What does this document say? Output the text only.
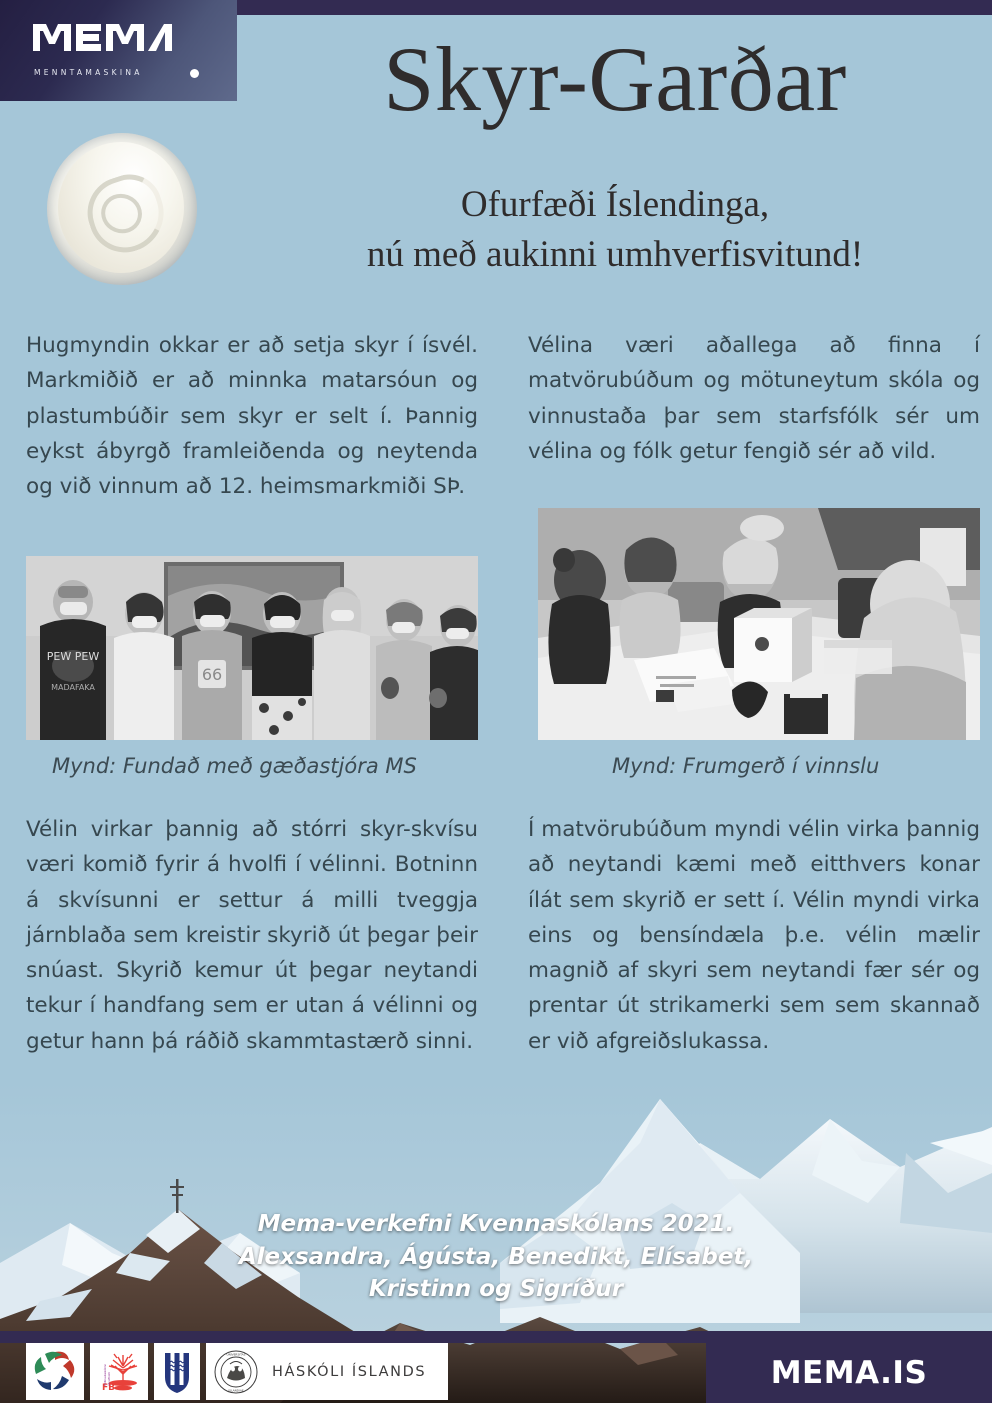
MENNTAMASKINA	Skyr-Garðar
Ofurfæði Íslendinga,
nú með aukinni umhverfisvitund!
Hugmyndin okkar er að setja skyr í ísvél. Markmiðið er að minnka matarsóun og plastumbúðir sem skyr er selt í. Þannig eykst ábyrgð framleiðenda og neytenda og við vinnum að 12. heimsmarkmiði SÞ.
Vélina væri aðallega að finna í matvörubúðum og mötuneytum skóla og vinnustaða þar sem starfsfólk sér um vélina og fólk getur fengið sér að vild.
Vélin virkar þannig að stórri skyr-skvísu væri komið fyrir á hvolfi í vélinni. Botninn á skvísunni er settur á milli tveggja járnblaða sem kreistir skyrið út þegar þeir snúast. Skyrið kemur út þegar neytandi tekur í handfang sem er utan á vélinni og getur hann þá ráðið skammtastærð sinni.
Í matvörubúðum myndi vélin virka þannig að neytandi kæmi með eitthvers konar ílát sem skyrið er sett í. Vélin myndi virka eins og bensíndæla þ.e. vélin mælir magnið af skyri sem neytandi fær sér og prentar út strikamerki sem sem skannað er við afgreiðslukassa.
PEW PEW
MADAFAKA
66
Mynd: Fundað með gæðastjóra MS	Mynd: Frumgerð í vinnslu
Mema-verkefni Kvennaskólans 2021.
Alexsandra, Ágústa, Benedikt, Elísabet,
Kristinn og Sigríður
MEMA.IS
FB
Fjölbrautaskólinn í Breiðholti
UNIVERSITAS
ISLANDIAE
HÁSKÓLI ÍSLANDS
